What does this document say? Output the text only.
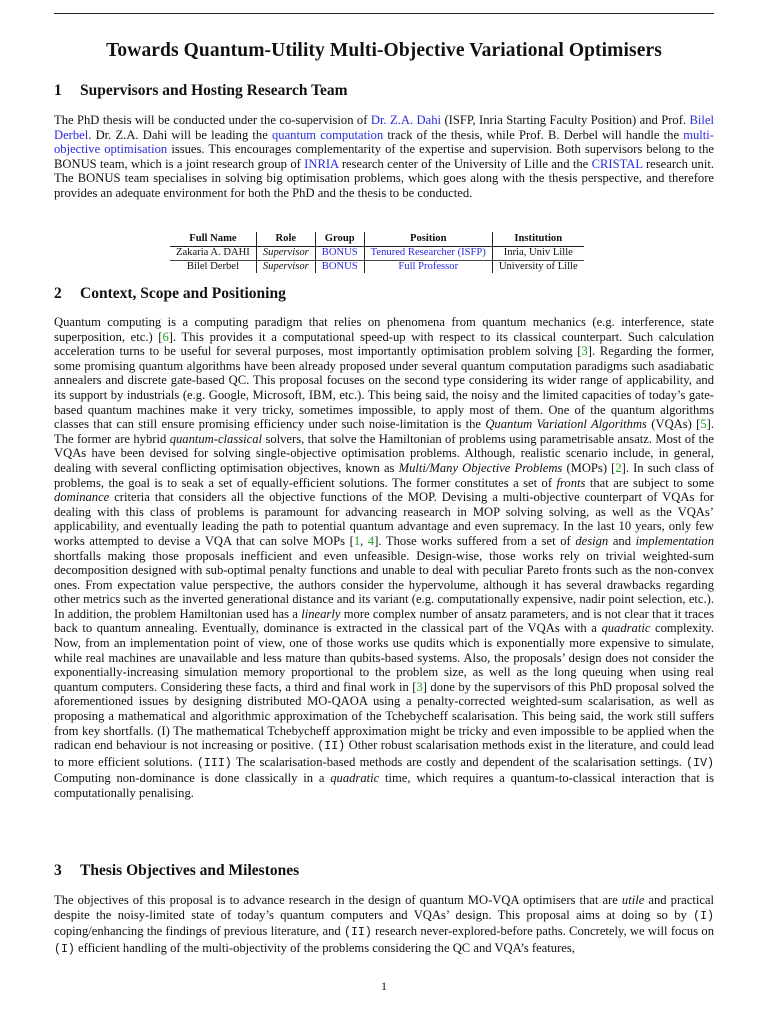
Towards Quantum-Utility Multi-Objective Variational Optimisers
1 Supervisors and Hosting Research Team
The PhD thesis will be conducted under the co-supervision of Dr. Z.A. Dahi (ISFP, Inria Starting Faculty Position) and Prof. Bilel Derbel. Dr. Z.A. Dahi will be leading the quantum computation track of the thesis, while Prof. B. Derbel will handle the multi-objective optimisation issues. This encourages complementarity of the expertise and supervision. Both supervisors belong to the BONUS team, which is a joint research group of INRIA research center of the University of Lille and the CRISTAL research unit. The BONUS team specialises in solving big optimisation problems, which goes along with the thesis perspective, and therefore provides an adequate environment for both the PhD and the thesis to be conducted.
Full Name	Role	Group	Position	Institution
Zakaria A. DAHI	Supervisor	BONUS	Tenured Researcher (ISFP)	Inria, Univ Lille
Bilel Derbel	Supervisor	BONUS	Full Professor	University of Lille
2 Context, Scope and Positioning
Quantum computing is a computing paradigm that relies on phenomena from quantum mechanics (e.g. interference, state superposition, etc.) [6]. This provides it a computational speed-up with respect to its classical counterpart. Such calculation acceleration turns to be useful for several purposes, most importantly optimisation problem solving [3]. Regarding the former, some promising quantum algorithms have been already proposed under several quantum computation paradigms such asadiabatic annealers and discrete gate-based QC. This proposal focuses on the second type considering its wider range of applicability, and its support by industrials (e.g. Google, Microsoft, IBM, etc.). This being said, the noisy and the limited capacities of today’s gate-based quantum machines make it very tricky, sometimes impossible, to apply most of them. One of the quantum algorithms classes that can still ensure promising efficiency under such noise-limitation is the Quantum Variationl Algorithms (VQAs) [5]. The former are hybrid quantum-classical solvers, that solve the Hamiltonian of problems using parametrisable ansatz. Most of the VQAs have been devised for solving single-objective optimisation problems. Although, realistic scenario include, in general, dealing with several conflicting optimisation objectives, known as Multi/Many Objective Problems (MOPs) [2]. In such class of problems, the goal is to seak a set of equally-efficient solutions. The former constitutes a set of fronts that are subject to some dominance criteria that considers all the objective functions of the MOP. Devising a multi-objective counterpart of VQAs for dealing with this class of problems is paramount for advancing reasearch in MOP solving solving, as well as the VQAs’ applicability, and eventually leading the path to potential quantum advantage and even supremacy. In the last 10 years, only few works attempted to devise a VQA that can solve MOPs [1, 4]. Those works suffered from a set of design and implementation shortfalls making those proposals inefficient and even unfeasible. Design-wise, those works rely on trivial weighted-sum decomposition designed with sub-optimal penalty functions and unable to deal with peculiar Pareto fronts such as the non-convex ones. From expectation value perspective, the authors consider the hypervolume, although it has several drawbacks regarding other metrics such as the inverted generational distance and its variant (e.g. computationally expensive, nadir point selection, etc.). In addition, the problem Hamiltonian used has a linearly more complex number of ansatz parameters, and is not clear that it traces back to quantum annealing. Eventually, dominance is extracted in the classical part of the VQAs with a quadratic complexity. Now, from an implementation point of view, one of those works use qudits which is exponentially more expensive to simulate, while real machines are unavailable and less mature than qubits-based systems. Also, the proposals’ design does not consider the exponentially-increasing simulation memory proportional to the problem size, as well as the long queuing when using real quantum computers. Considering these facts, a third and final work in [3] done by the supervisors of this PhD proposal solved the aforementioned issues by designing distributed MO-QAOA using a penalty-corrected weighted-sum scalarisation, as well as proposing a mathematical and algorithmic approximation of the Tchebycheff scalarisation. This being said, the work still suffers from key shortfalls. (I) The mathematical Tchebycheff approximation might be tricky and even impossible to be applied when the radican end behaviour is not increasing or positive. (II) Other robust scalarisation methods exist in the literature, and could lead to more efficient solutions. (III) The scalarisation-based methods are costly and dependent of the scalarisation settings. (IV) Computing non-dominance is done classically in a quadratic time, which requires a quantum-to-classical interaction that is computationally penalising.
3 Thesis Objectives and Milestones
The objectives of this proposal is to advance research in the design of quantum MO-VQA optimisers that are utile and practical despite the noisy-limited state of today’s quantum computers and VQAs’ design. This proposal aims at doing so by (I) coping/enhancing the findings of previous literature, and (II) research never-explored-before paths. Concretely, we will focus on (I) efficient handling of the multi-objectivity of the problems considering the QC and VQA’s features,
1
